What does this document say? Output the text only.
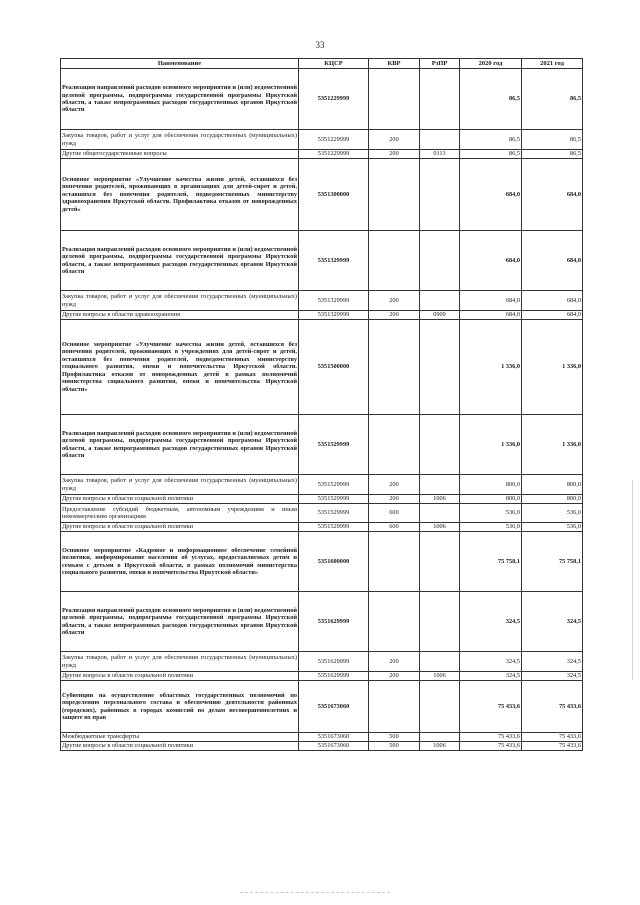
33
Наименование	КЦСР	КВР	РзПР	2020 год	2021 год
Реализация направлений расходов основного мероприятия и (или) ведомственной целевой программы, подпрограммы государственной программы Иркутской области, а также непрограммных расходов государственных органов Иркутской области	5351229999			86,5	86,5
Закупка товаров, работ и услуг для обеспечения государственных (муниципальных) нужд	5351229999	200		86,5	86,5
Другие общегосударственные вопросы	5351229999	200	0113	86,5	86,5
Основное мероприятие «Улучшение качества жизни детей, оставшихся без попечения родителей, проживающих в организациях для детей-сирот и детей, оставшихся без попечения родителей, подведомственных министерству здравоохранения Иркутской области. Профилактика отказов от новорожденных детей»	5351300000			684,0	684,0
Реализация направлений расходов основного мероприятия и (или) ведомственной целевой программы, подпрограммы государственной программы Иркутской области, а также непрограммных расходов государственных органов Иркутской области	5351329999			684,0	684,0
Закупка товаров, работ и услуг для обеспечения государственных (муниципальных) нужд	5351329999	200		684,0	684,0
Другие вопросы в области здравоохранения	5351329999	200	0909	684,0	684,0
Основное мероприятие «Улучшение качества жизни детей, оставшихся без попечения родителей, проживающих в учреждениях для детей-сирот и детей, оставшихся без попечения родителей, подведомственных министерству социального развития, опеки и попечительства Иркутской области. Профилактика отказов от новорожденных детей в рамках полномочий министерства социального развития, опеки и попечительства Иркутской области»	5351500000			1 336,0	1 336,0
Реализация направлений расходов основного мероприятия и (или) ведомственной целевой программы, подпрограммы государственной программы Иркутской области, а также непрограммных расходов государственных органов Иркутской области	5351529999			1 336,0	1 336,0
Закупка товаров, работ и услуг для обеспечения государственных (муниципальных) нужд	5351529999	200		800,0	800,0
Другие вопросы в области социальной политики	5351529999	200	1006	800,0	800,0
Предоставление субсидий бюджетным, автономным учреждениям и иным некоммерческим организациям	5351529999	600		536,0	536,0
Другие вопросы в области социальной политики	5351529999	600	1006	536,0	536,0
Основное мероприятие «Кадровое и информационное обеспечение семейной политики, информирование населения об услугах, предоставляемых детям и семьям с детьми в Иркутской области, в рамках полномочий министерства социального развития, опеки и попечительства Иркутской области»	5351600000			75 758,1	75 758,1
Реализация направлений расходов основного мероприятия и (или) ведомственной целевой программы, подпрограммы государственной программы Иркутской области, а также непрограммных расходов государственных органов Иркутской области	5351629999			324,5	324,5
Закупка товаров, работ и услуг для обеспечения государственных (муниципальных) нужд	5351629999	200		324,5	324,5
Другие вопросы в области социальной политики	5351629999	200	1006	324,5	324,5
Субвенции на осуществление областных государственных полномочий по определению персонального состава и обеспечению деятельности районных (городских), районных в городах комиссий по делам несовершеннолетних и защите их прав	5351673060			75 433,6	75 433,6
Межбюджетные трансферты	5351673060	500		75 433,6	75 433,6
Другие вопросы в области социальной политики	5351673060	500	1006	75 433,6	75 433,6
